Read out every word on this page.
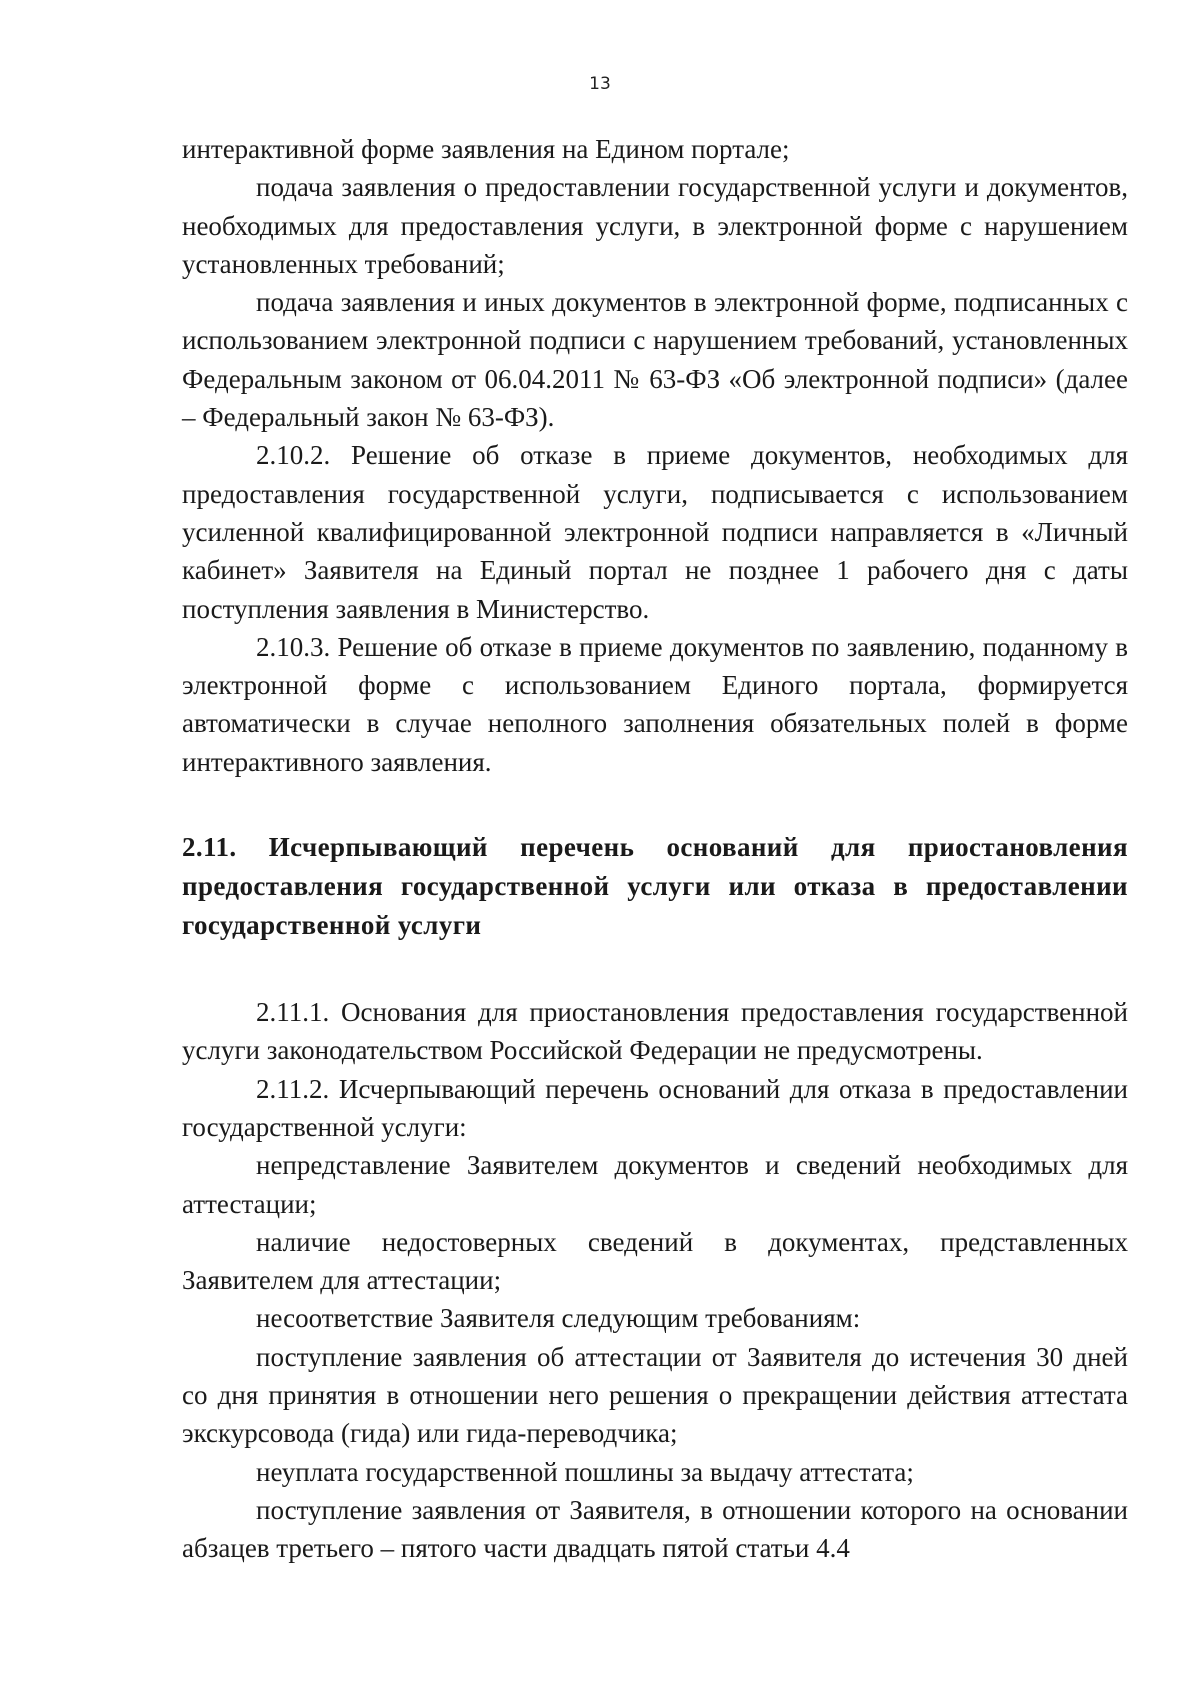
13

интерактивной форме заявления на Едином портале;

подача заявления о предоставлении государственной услуги и документов, необходимых для предоставления услуги, в электронной форме с нарушением установленных требований;

подача заявления и иных документов в электронной форме, подписанных с использованием электронной подписи с нарушением требований, установленных Федеральным законом от 06.04.2011 № 63-ФЗ «Об электронной подписи» (далее – Федеральный закон № 63-ФЗ).

2.10.2. Решение об отказе в приеме документов, необходимых для предоставления государственной услуги, подписывается с использованием усиленной квалифицированной электронной подписи направляется в «Личный кабинет» Заявителя на Единый портал не позднее 1 рабочего дня с даты поступления заявления в Министерство.

2.10.3. Решение об отказе в приеме документов по заявлению, поданному в электронной форме с использованием Единого портала, формируется автоматически в случае неполного заполнения обязательных полей в форме интерактивного заявления.

2.11. Исчерпывающий перечень оснований для приостановления предоставления государственной услуги или отказа в предоставлении государственной услуги

2.11.1. Основания для приостановления предоставления государственной услуги законодательством Российской Федерации не предусмотрены.

2.11.2. Исчерпывающий перечень оснований для отказа в предоставлении государственной услуги:

непредставление Заявителем документов и сведений необходимых для аттестации;

наличие недостоверных сведений в документах, представленных Заявителем для аттестации;

несоответствие Заявителя следующим требованиям:

поступление заявления об аттестации от Заявителя до истечения 30 дней со дня принятия в отношении него решения о прекращении действия аттестата экскурсовода (гида) или гида-переводчика;

неуплата государственной пошлины за выдачу аттестата;

поступление заявления от Заявителя, в отношении которого на основании абзацев третьего – пятого части двадцать пятой статьи 4.4
